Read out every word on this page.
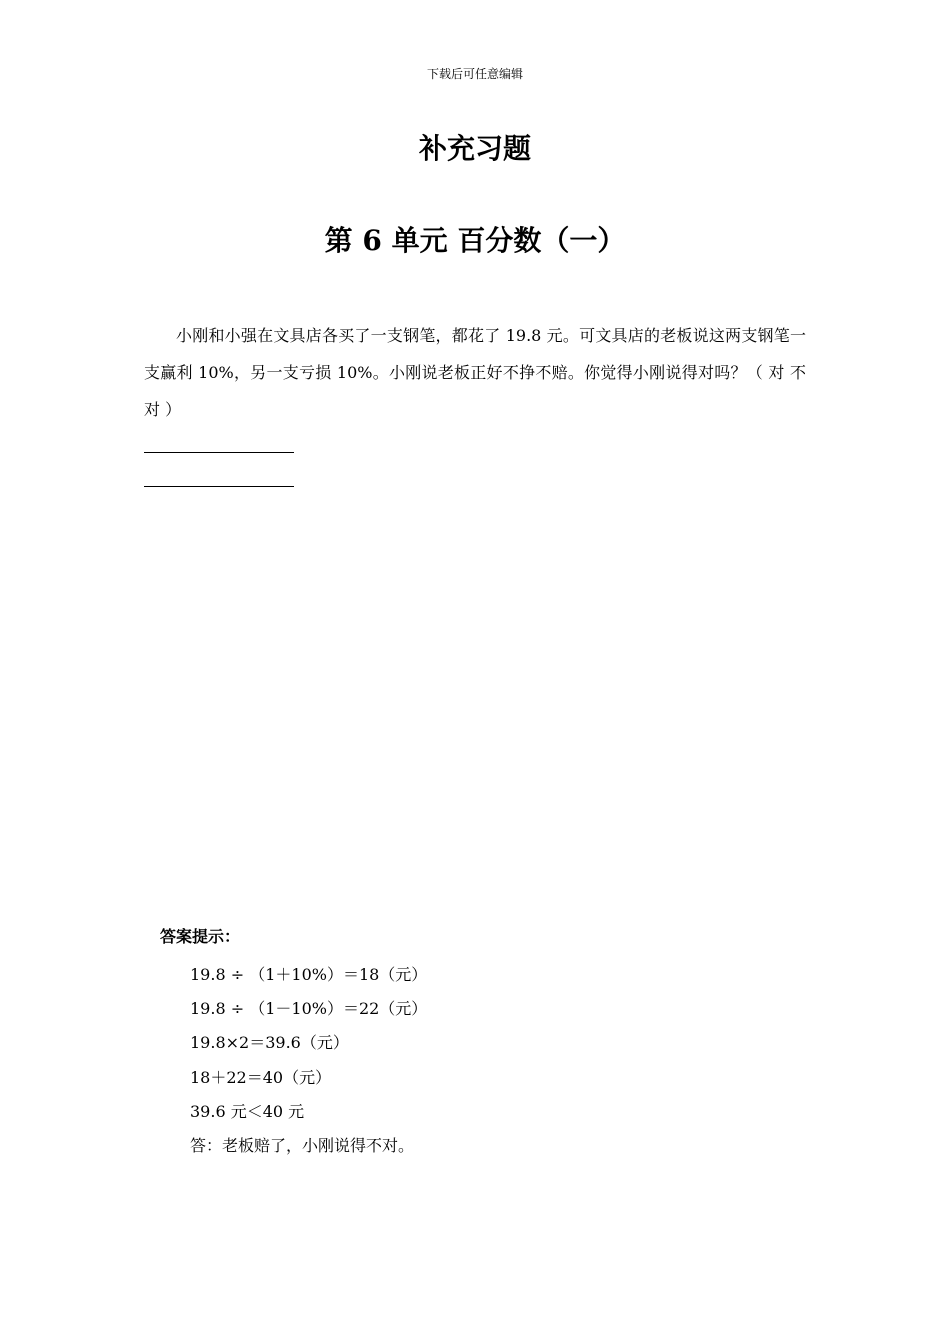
下载后可任意编辑
补充习题
第 6 单元 百分数（一）

小刚和小强在文具店各买了一支钢笔，都花了 19.8 元。可文具店的老板说这两支钢笔一支赢利 10%，另一支亏损 10%。小刚说老板正好不挣不赔。你觉得小刚说得对吗？（ 对 不对 ）

答案提示：
19.8 ÷ （1＋10%）＝18（元）
19.8 ÷ （1－10%）＝22（元）
19.8×2＝39.6（元）
18＋22＝40（元）
39.6 元＜40 元
答：老板赔了，小刚说得不对。
